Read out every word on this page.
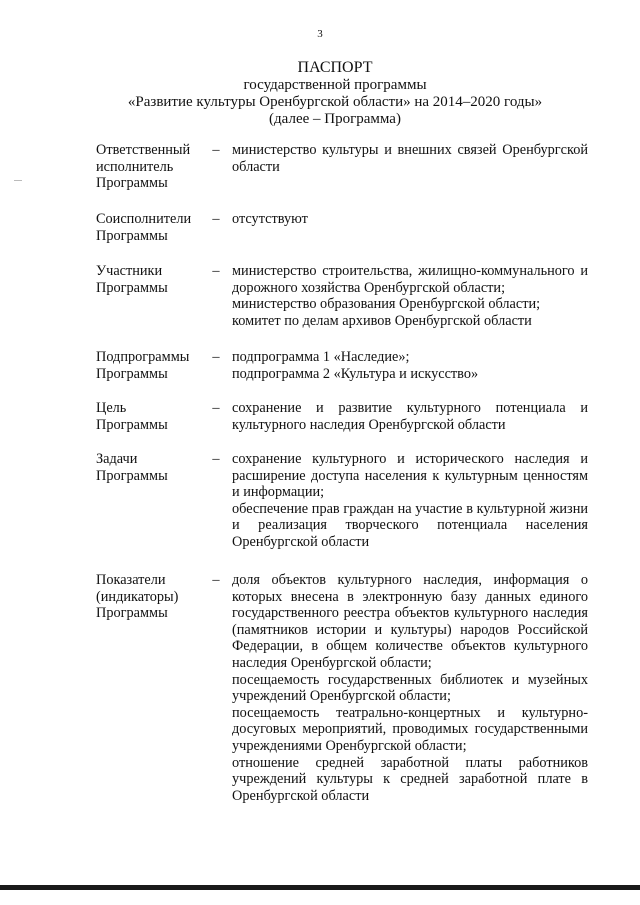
3
ПАСПОРТ
государственной программы
«Развитие культуры Оренбургской области» на 2014–2020 годы»
(далее – Программа)
Ответственный
исполнитель
Программы
– министерство культуры и внешних связей Оренбургской области

Соисполнители
Программы
– отсутствуют

Участники
Программы
– министерство строительства, жилищно-коммунального и дорожного хозяйства Оренбургской области;

министерство образования Оренбургской области;

комитет по делам архивов Оренбургской области

Подпрограммы
Программы
– подпрограмма 1 «Наследие»;

подпрограмма 2 «Культура и искусство»

Цель
Программы
– сохранение и развитие культурного потенциала и культурного наследия Оренбургской области

Задачи
Программы
– сохранение культурного и исторического наследия и расширение доступа населения к культурным ценностям и информации;

обеспечение прав граждан на участие в культурной жизни и реализация творческого потенциала населения Оренбургской области

Показатели
(индикаторы)
Программы
– доля объектов культурного наследия, информация о которых внесена в электронную базу данных единого государственного реестра объектов культурного наследия (памятников истории и культуры) народов Российской Федерации, в общем количестве объектов культурного наследия Оренбургской области;

посещаемость государственных библиотек и музейных учреждений Оренбургской области;

посещаемость театрально-концертных и культурно-досуговых мероприятий, проводимых государственными учреждениями Оренбургской области;

отношение средней заработной платы работников учреждений культуры к средней заработной плате в Оренбургской области
